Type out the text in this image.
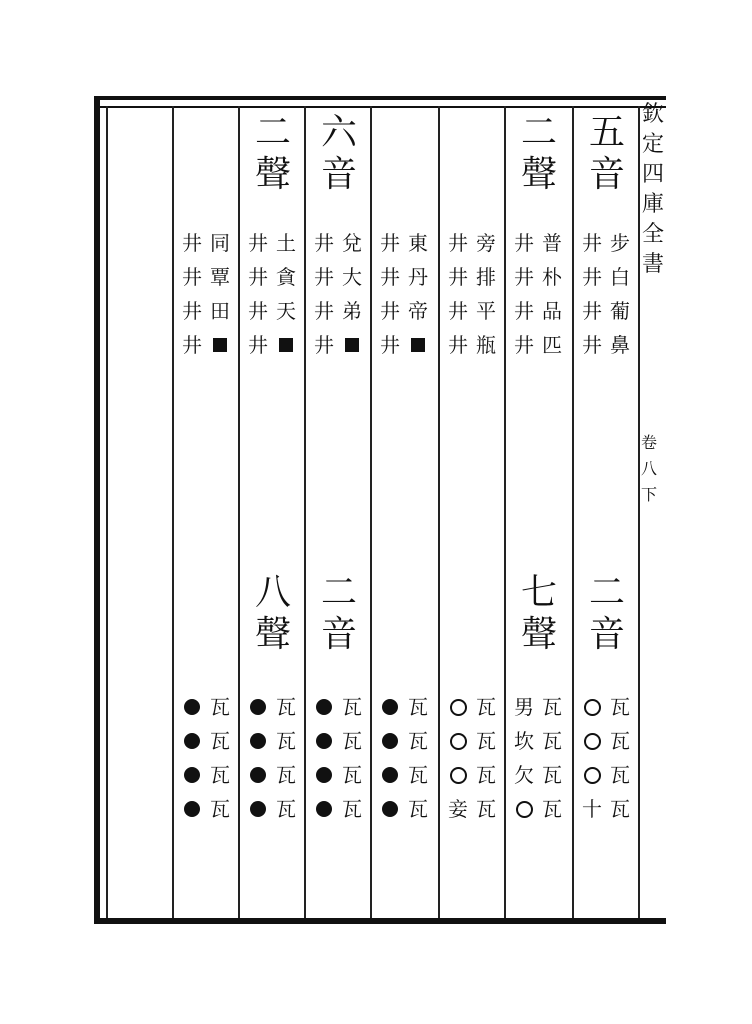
欽
定
四
庫
全
書
卷
八
下
五
音
二
音
步
白
葡
鼻
井
井
井
井
瓦
瓦
瓦
瓦
十
二
聲
七
聲
普
朴
品
匹
井
井
井
井
瓦
瓦
瓦
瓦
男
坎
欠
旁
排
平
瓶
井
井
井
井
瓦
瓦
瓦
瓦
妾
東
丹
帝
井
井
井
井
瓦
瓦
瓦
瓦
六
音
二
音
兌
大
弟
井
井
井
井
瓦
瓦
瓦
瓦
二
聲
八
聲
土
貪
天
井
井
井
井
瓦
瓦
瓦
瓦
同
覃
田
井
井
井
井
瓦
瓦
瓦
瓦
